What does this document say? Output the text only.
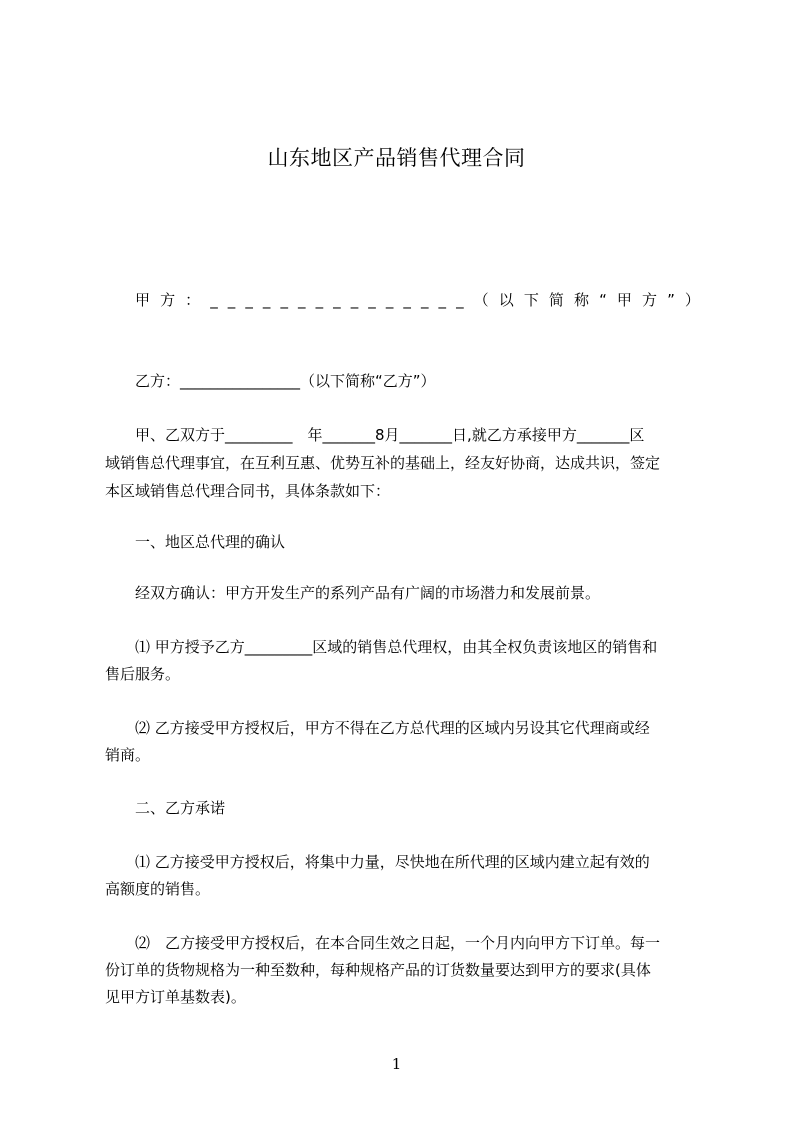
山东地区产品销售代理合同
甲 方 ： _ _ _ _ _ _ _ _ _ _ _ _ _ _ _ （ 以 下 简 称 “ 甲 方 ” ）
乙方：________________（以下简称“乙方”）
甲、乙双方于_________　年_______8月_______日,就乙方承接甲方_______区
域销售总代理事宜，在互利互惠、优势互补的基础上，经友好协商，达成共识，签定
本区域销售总代理合同书，具体条款如下：
一、地区总代理的确认
经双方确认：甲方开发生产的系列产品有广阔的市场潜力和发展前景。
⑴ 甲方授予乙方_________区域的销售总代理权，由其全权负责该地区的销售和
售后服务。
⑵ 乙方接受甲方授权后，甲方不得在乙方总代理的区域内另设其它代理商或经
销商。
二、乙方承诺
⑴ 乙方接受甲方授权后，将集中力量，尽快地在所代理的区域内建立起有效的
高额度的销售。
⑵　乙方接受甲方授权后，在本合同生效之日起，一个月内向甲方下订单。每一
份订单的货物规格为一种至数种，每种规格产品的订货数量要达到甲方的要求(具体
见甲方订单基数表)。
1
